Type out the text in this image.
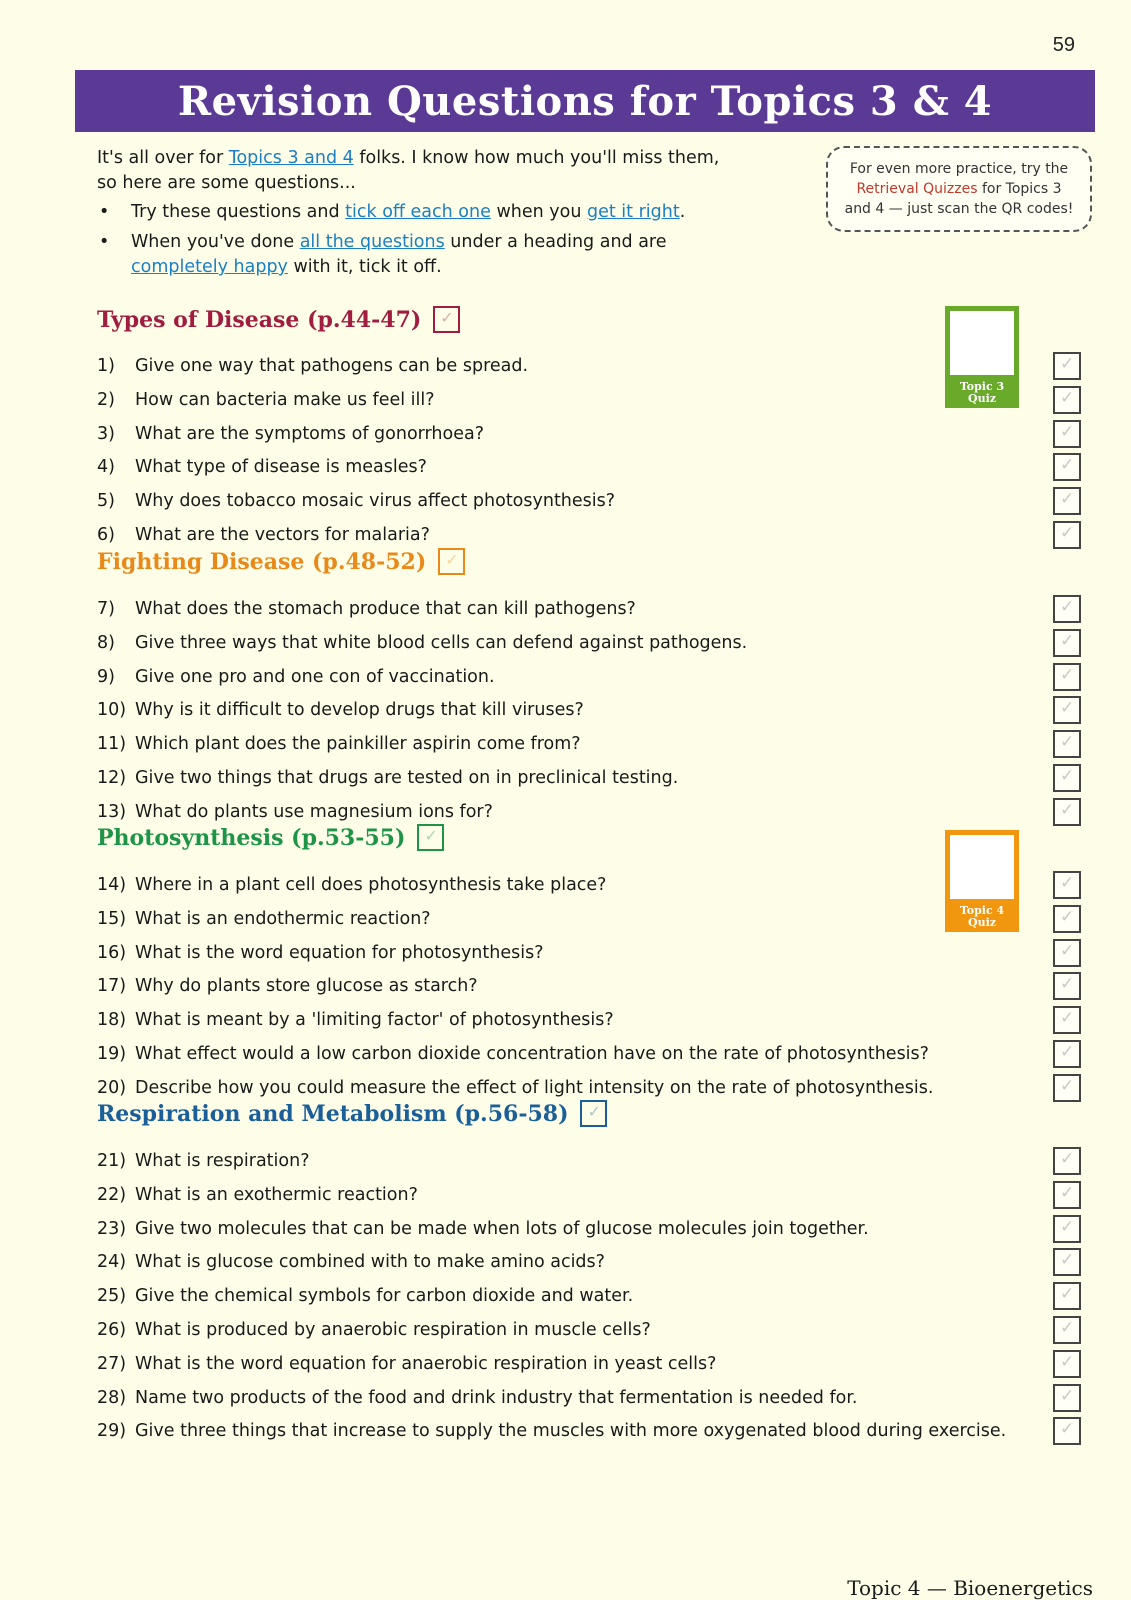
59
Revision Questions for Topics 3 & 4

It's all over for Topics 3 and 4 folks. I know how much you'll miss them,
so here are some questions...

• Try these questions and tick off each one when you get it right.
• When you've done all the questions under a heading and are
completely happy with it, tick it off.
For even more practice, try the
Retrieval Quizzes for Topics 3
and 4 — just scan the QR codes!
Topic 3 Quiz
Topic 4 Quiz
Types of Disease (p.44-47)
✓
Fighting Disease (p.48-52)
✓
Photosynthesis (p.53-55)
✓
Respiration and Metabolism (p.56-58)
✓
1) Give one way that pathogens can be spread.
✓
2) How can bacteria make us feel ill?
✓
3) What are the symptoms of gonorrhoea?
✓
4) What type of disease is measles?
✓
5) Why does tobacco mosaic virus affect photosynthesis?
✓
6) What are the vectors for malaria?
✓
7) What does the stomach produce that can kill pathogens?
✓
8) Give three ways that white blood cells can defend against pathogens.
✓
9) Give one pro and one con of vaccination.
✓
10) Why is it difficult to develop drugs that kill viruses?
✓
11) Which plant does the painkiller aspirin come from?
✓
12) Give two things that drugs are tested on in preclinical testing.
✓
13) What do plants use magnesium ions for?
✓
14) Where in a plant cell does photosynthesis take place?
✓
15) What is an endothermic reaction?
✓
16) What is the word equation for photosynthesis?
✓
17) Why do plants store glucose as starch?
✓
18) What is meant by a 'limiting factor' of photosynthesis?
✓
19) What effect would a low carbon dioxide concentration have on the rate of photosynthesis?
✓
20) Describe how you could measure the effect of light intensity on the rate of photosynthesis.
✓
21) What is respiration?
✓
22) What is an exothermic reaction?
✓
23) Give two molecules that can be made when lots of glucose molecules join together.
✓
24) What is glucose combined with to make amino acids?
✓
25) Give the chemical symbols for carbon dioxide and water.
✓
26) What is produced by anaerobic respiration in muscle cells?
✓
27) What is the word equation for anaerobic respiration in yeast cells?
✓
28) Name two products of the food and drink industry that fermentation is needed for.
✓
29) Give three things that increase to supply the muscles with more oxygenated blood during exercise.
✓
Topic 4 — Bioenergetics
